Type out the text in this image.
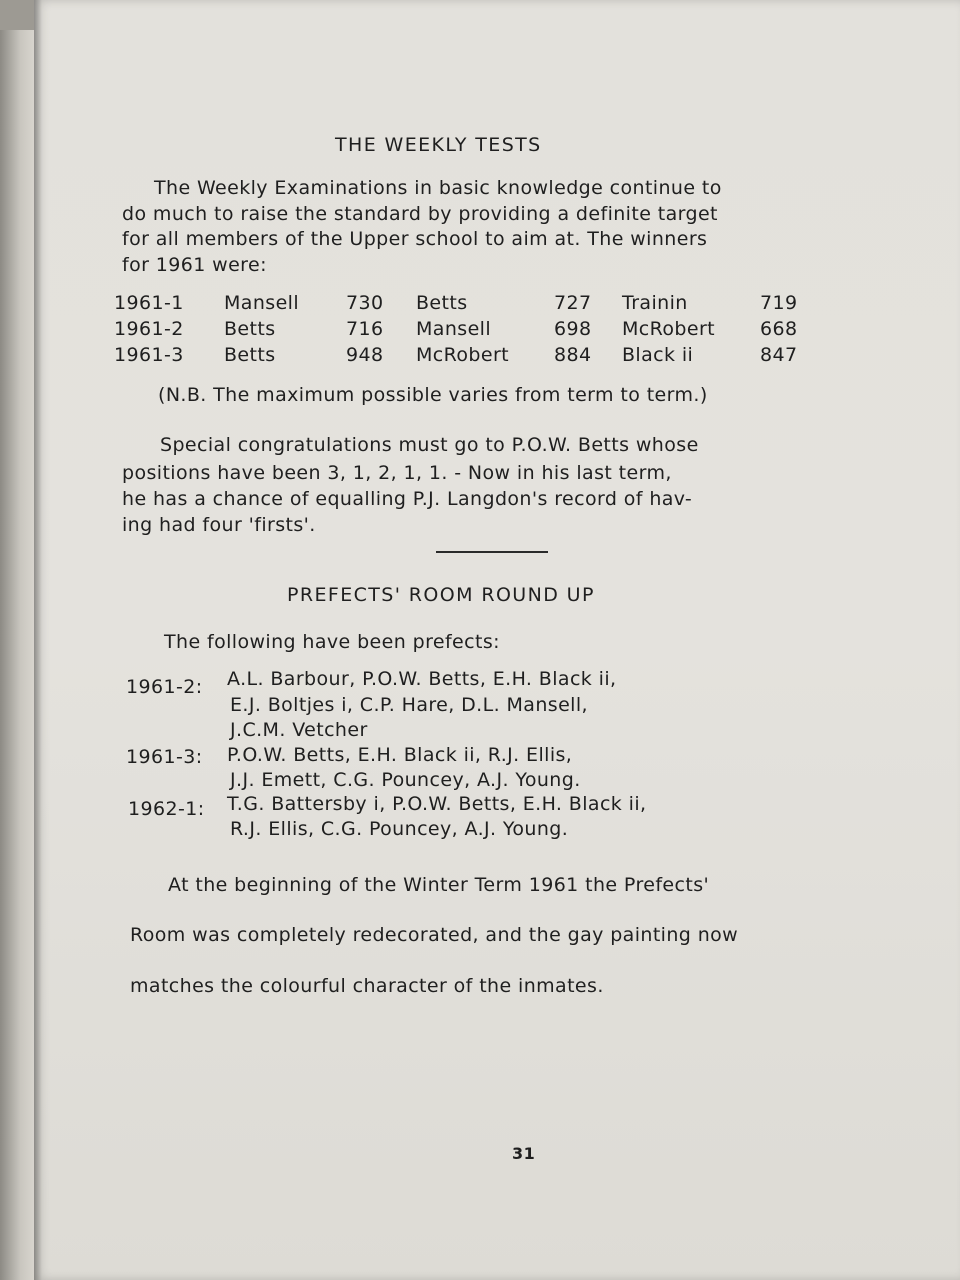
THE WEEKLY TESTS
The Weekly Examinations in basic knowledge continue to
do much to raise the standard by providing a definite target
for all members of the Upper school to aim at. The winners
for 1961 were:
1961-1 Mansell 730 Betts	727 Trainin	719
1961-2 Betts	716 Mansell	698 McRobert 668
1961-3 Betts	948 McRobert 884 Black ii	847
(N.B. The maximum possible varies from term to term.)
Special congratulations must go to P.O.W. Betts whose
positions have been 3, 1, 2, 1, 1. - Now in his last term,
he has a chance of equalling P.J. Langdon's record of hav-
ing had four 'firsts'.
PREFECTS' ROOM ROUND UP
The following have been prefects:
1961-2: A.L. Barbour, P.O.W. Betts, E.H. Black ii,
E.J. Boltjes i, C.P. Hare, D.L. Mansell,
J.C.M. Vetcher
1961-3: P.O.W. Betts, E.H. Black ii, R.J. Ellis,
J.J. Emett, C.G. Pouncey, A.J. Young.
1962-1: T.G. Battersby i, P.O.W. Betts, E.H. Black ii,
R.J. Ellis, C.G. Pouncey, A.J. Young.
At the beginning of the Winter Term 1961 the Prefects'
Room was completely redecorated, and the gay painting now
matches the colourful character of the inmates.
31
